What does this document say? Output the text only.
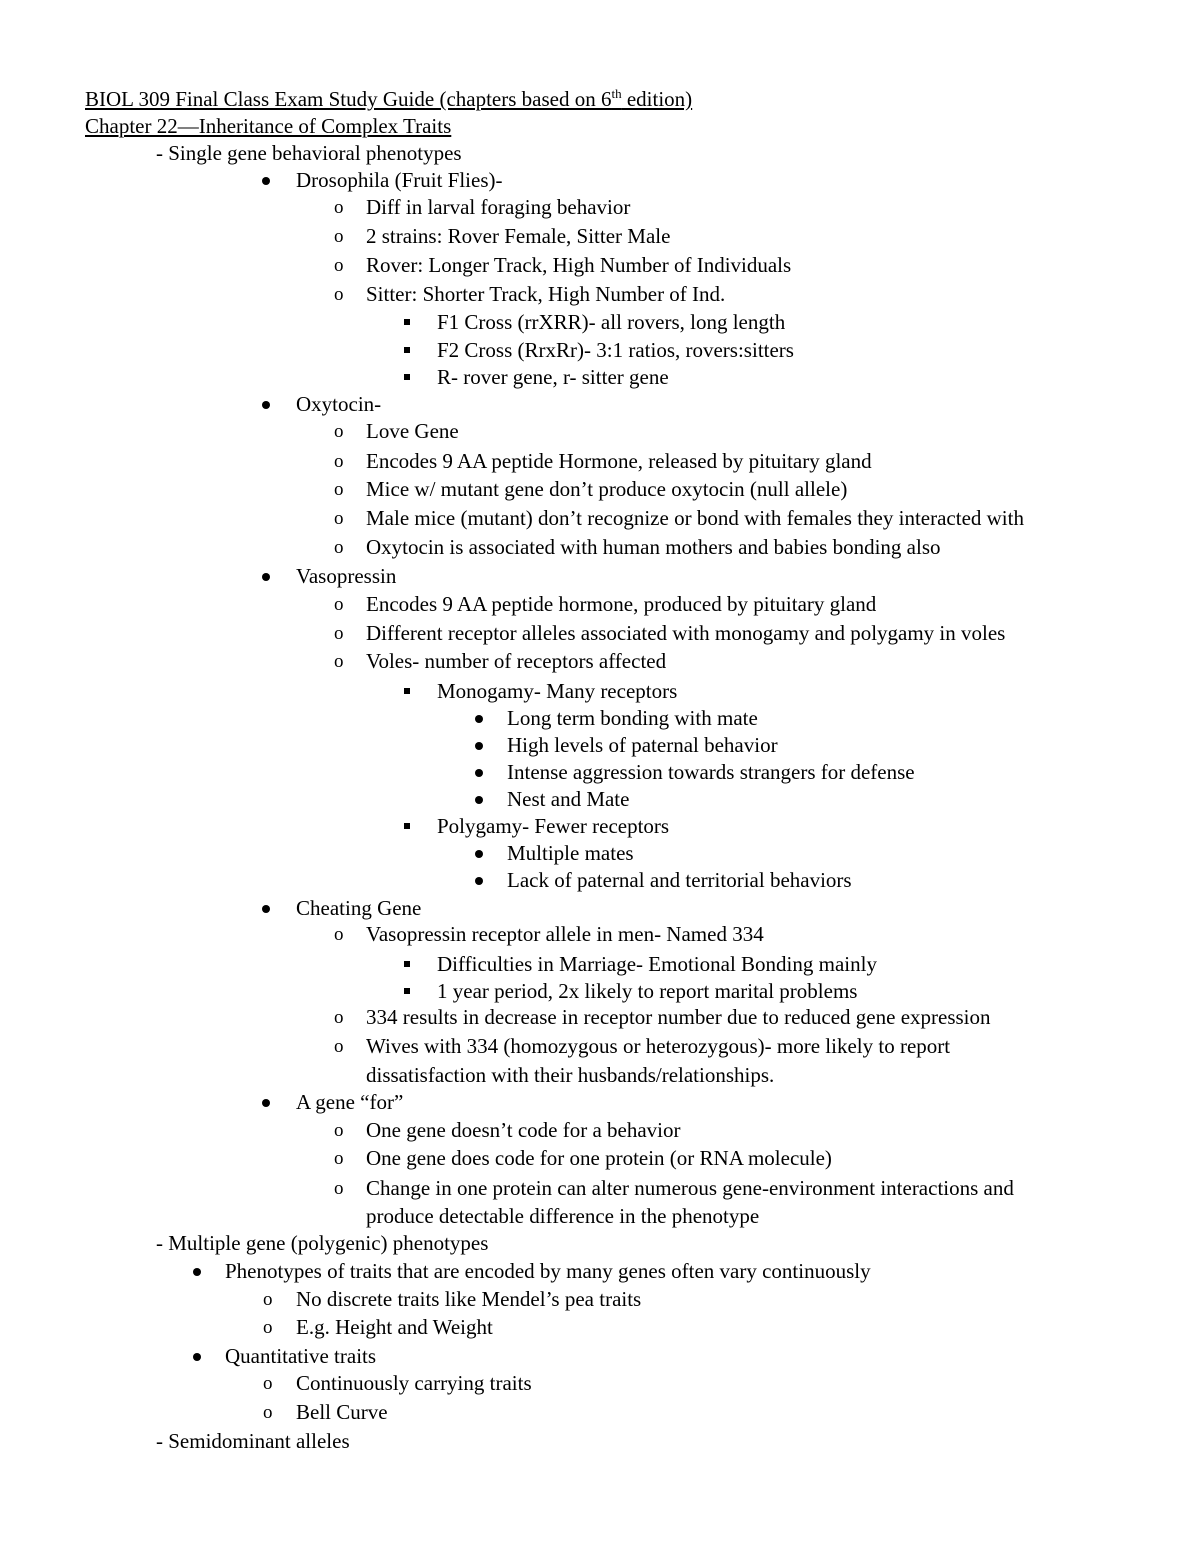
BIOL 309 Final Class Exam Study Guide (chapters based on 6th edition)
Chapter 22—Inheritance of Complex Traits
- Single gene behavioral phenotypes
Drosophila (Fruit Flies)-
o Diff in larval foraging behavior
o 2 strains: Rover Female, Sitter Male
o Rover: Longer Track, High Number of Individuals
o Sitter: Shorter Track, High Number of Ind.
F1 Cross (rrXRR)- all rovers, long length
F2 Cross (RrxRr)- 3:1 ratios, rovers:sitters
R- rover gene, r- sitter gene
Oxytocin-
o Love Gene
o Encodes 9 AA peptide Hormone, released by pituitary gland
o Mice w/ mutant gene don’t produce oxytocin (null allele)
o Male mice (mutant) don’t recognize or bond with females they interacted with
o Oxytocin is associated with human mothers and babies bonding also
Vasopressin
o Encodes 9 AA peptide hormone, produced by pituitary gland
o Different receptor alleles associated with monogamy and polygamy in voles
o Voles- number of receptors affected
Monogamy- Many receptors
Long term bonding with mate
High levels of paternal behavior
Intense aggression towards strangers for defense
Nest and Mate
Polygamy- Fewer receptors
Multiple mates
Lack of paternal and territorial behaviors
Cheating Gene
o Vasopressin receptor allele in men- Named 334
Difficulties in Marriage- Emotional Bonding mainly
1 year period, 2x likely to report marital problems
o 334 results in decrease in receptor number due to reduced gene expression
o Wives with 334 (homozygous or heterozygous)- more likely to report
dissatisfaction with their husbands/relationships.
A gene “for”
o One gene doesn’t code for a behavior
o One gene does code for one protein (or RNA molecule)
o Change in one protein can alter numerous gene-environment interactions and
produce detectable difference in the phenotype
- Multiple gene (polygenic) phenotypes
Phenotypes of traits that are encoded by many genes often vary continuously
o No discrete traits like Mendel’s pea traits
o E.g. Height and Weight
Quantitative traits
o Continuously carrying traits
o Bell Curve
- Semidominant alleles
